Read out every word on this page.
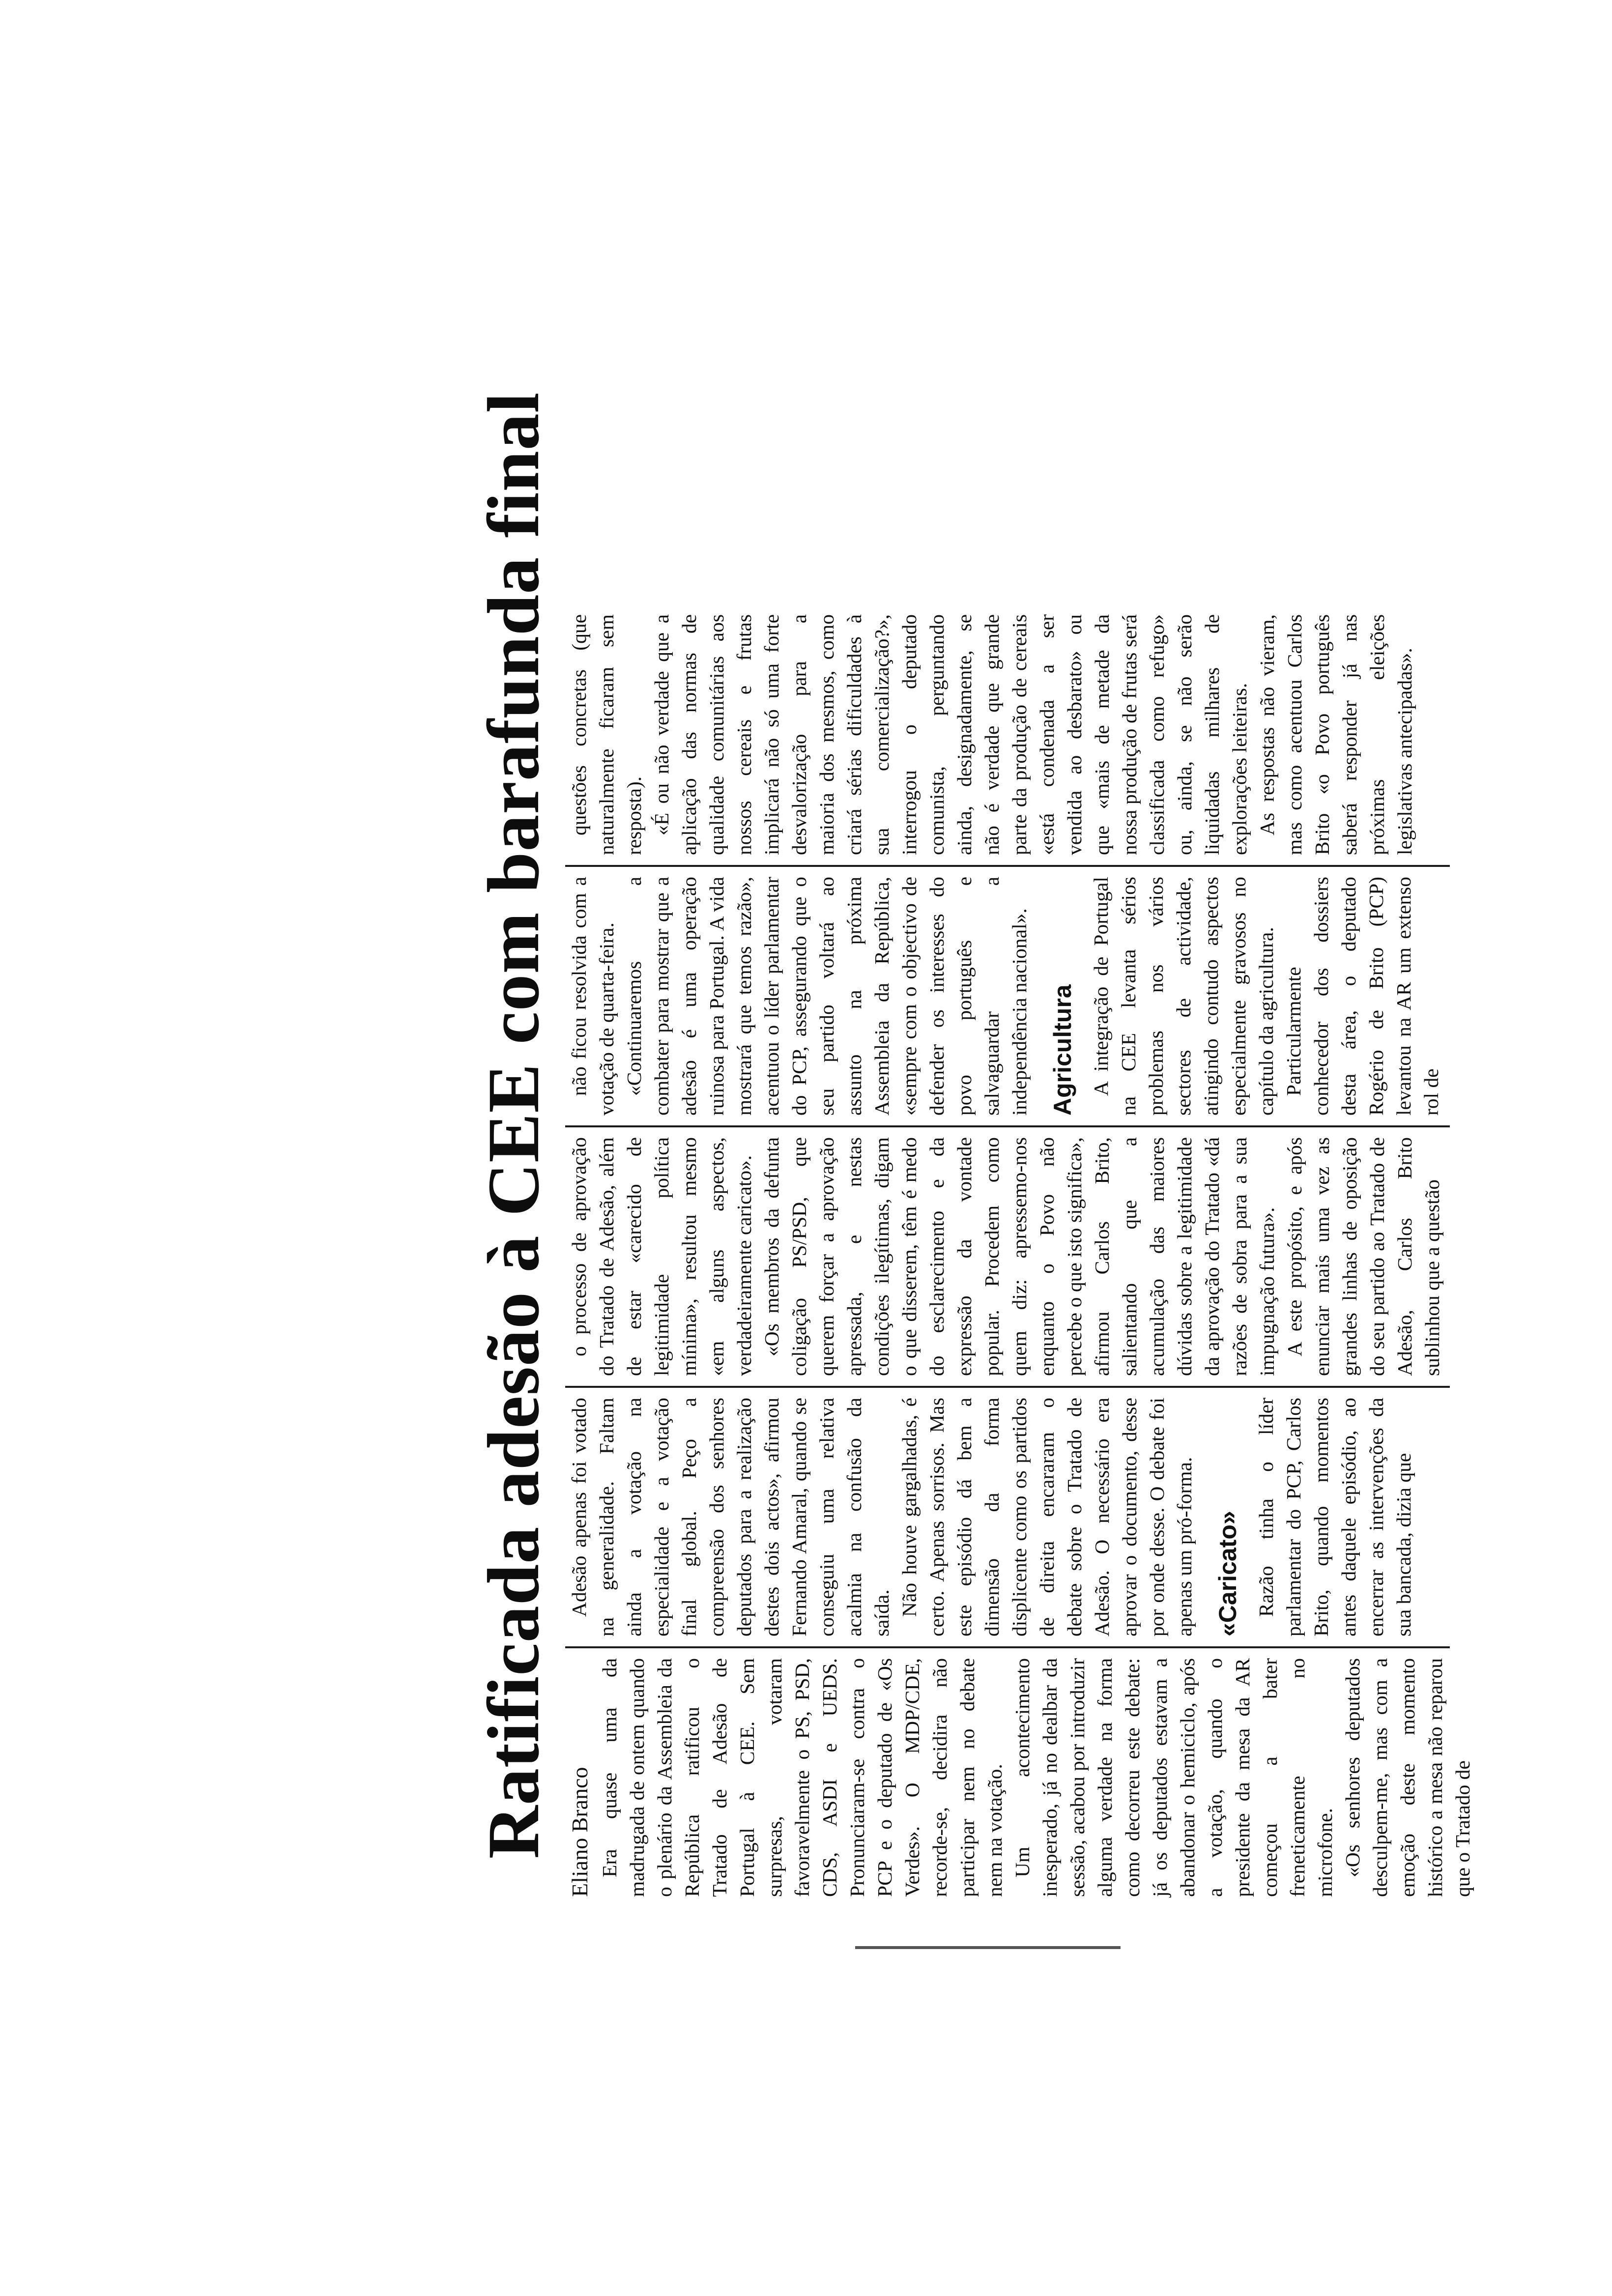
Ratificada adesão à CEE com barafunda final Eliano Branco Era quase uma da madrugada de ontem quando o plenário da Assembleia da República ratificou o Tratado de Adesão de Portugal à CEE. Sem surpresas, votaram favoravelmente o PS, PSD, CDS, ASDI e UEDS. Pronunciaram-se contra o PCP e o deputado de «Os Verdes». O MDP/CDE, recorde-se, decidira não participar nem no debate nem na votação. Um acontecimento inesperado, já no dealbar da sessão, acabou por introduzir alguma verdade na forma como decorreu este debate: já os deputados estavam a abandonar o hemiciclo, após a votação, quando o presidente da mesa da AR começou a bater freneticamente no microfone. «Os senhores deputados desculpem-me, mas com a emoção deste momento histórico a mesa não reparou que o Tratado de

Adesão apenas foi votado na generalidade. Faltam ainda a votação na especialidade e a votação final global. Peço a compreensão dos senhores deputados para a realização destes dois actos», afirmou Fernando Amaral, quando se conseguiu uma relativa acalmia na confusão da saída. Não houve gargalhadas, é certo. Apenas sorrisos. Mas este episódio dá bem a dimensão da forma displicente como os partidos de direita encararam o debate sobre o Tratado de Adesão. O necessário era aprovar o documento, desse por onde desse. O debate foi apenas um pró-forma. «Caricato» Razão tinha o líder parlamentar do PCP, Carlos Brito, quando momentos antes daquele episódio, ao encerrar as intervenções da sua bancada, dizia que

o processo de aprovação do Tratado de Adesão, além de estar «carecido de legitimidade política mínima», resultou mesmo «em alguns aspectos, verdadeiramente caricato». «Os membros da defunta coligação PS/PSD, que querem forçar a aprovação apressada, e nestas condições ilegítimas, digam o que disserem, têm é medo do esclarecimento e da expressão da vontade popular. Procedem como quem diz: apressemo-nos enquanto o Povo não percebe o que isto significa», afirmou Carlos Brito, salientando que a acumulação das maiores dúvidas sobre a legitimidade da aprovação do Tratado «dá razões de sobra para a sua impugnação futura». A este propósito, e após enunciar mais uma vez as grandes linhas de oposição do seu partido ao Tratado de Adesão, Carlos Brito sublinhou que a questão

não ficou resolvida com a votação de quarta-feira. «Continuaremos a combater para mostrar que a adesão é uma operação ruinosa para Portugal. A vida mostrará que temos razão», acentuou o líder parlamentar do PCP, assegurando que o seu partido voltará ao assunto na próxima Assembleia da República, «sempre com o objectivo de defender os interesses do povo português e salvaguardar a independência nacional». Agricultura A integração de Portugal na CEE levanta sérios problemas nos vários sectores de actividade, atingindo contudo aspectos especialmente gravosos no capítulo da agricultura. Particularmente conhecedor dos dossiers desta área, o deputado Rogério de Brito (PCP) levantou na AR um extenso rol de

questões concretas (que naturalmente ficaram sem resposta). «É ou não verdade que a aplicação das normas de qualidade comunitárias aos nossos cereais e frutas implicará não só uma forte desvalorização para a maioria dos mesmos, como criará sérias dificuldades à sua comercialização?», interrogou o deputado comunista, perguntando ainda, designadamente, se não é verdade que grande parte da produção de cereais «está condenada a ser vendida ao desbarato» ou que «mais de metade da nossa produção de frutas será classificada como refugo» ou, ainda, se não serão liquidadas milhares de explorações leiteiras. As respostas não vieram, mas como acentuou Carlos Brito «o Povo português saberá responder já nas próximas eleições legislativas antecipadas».
